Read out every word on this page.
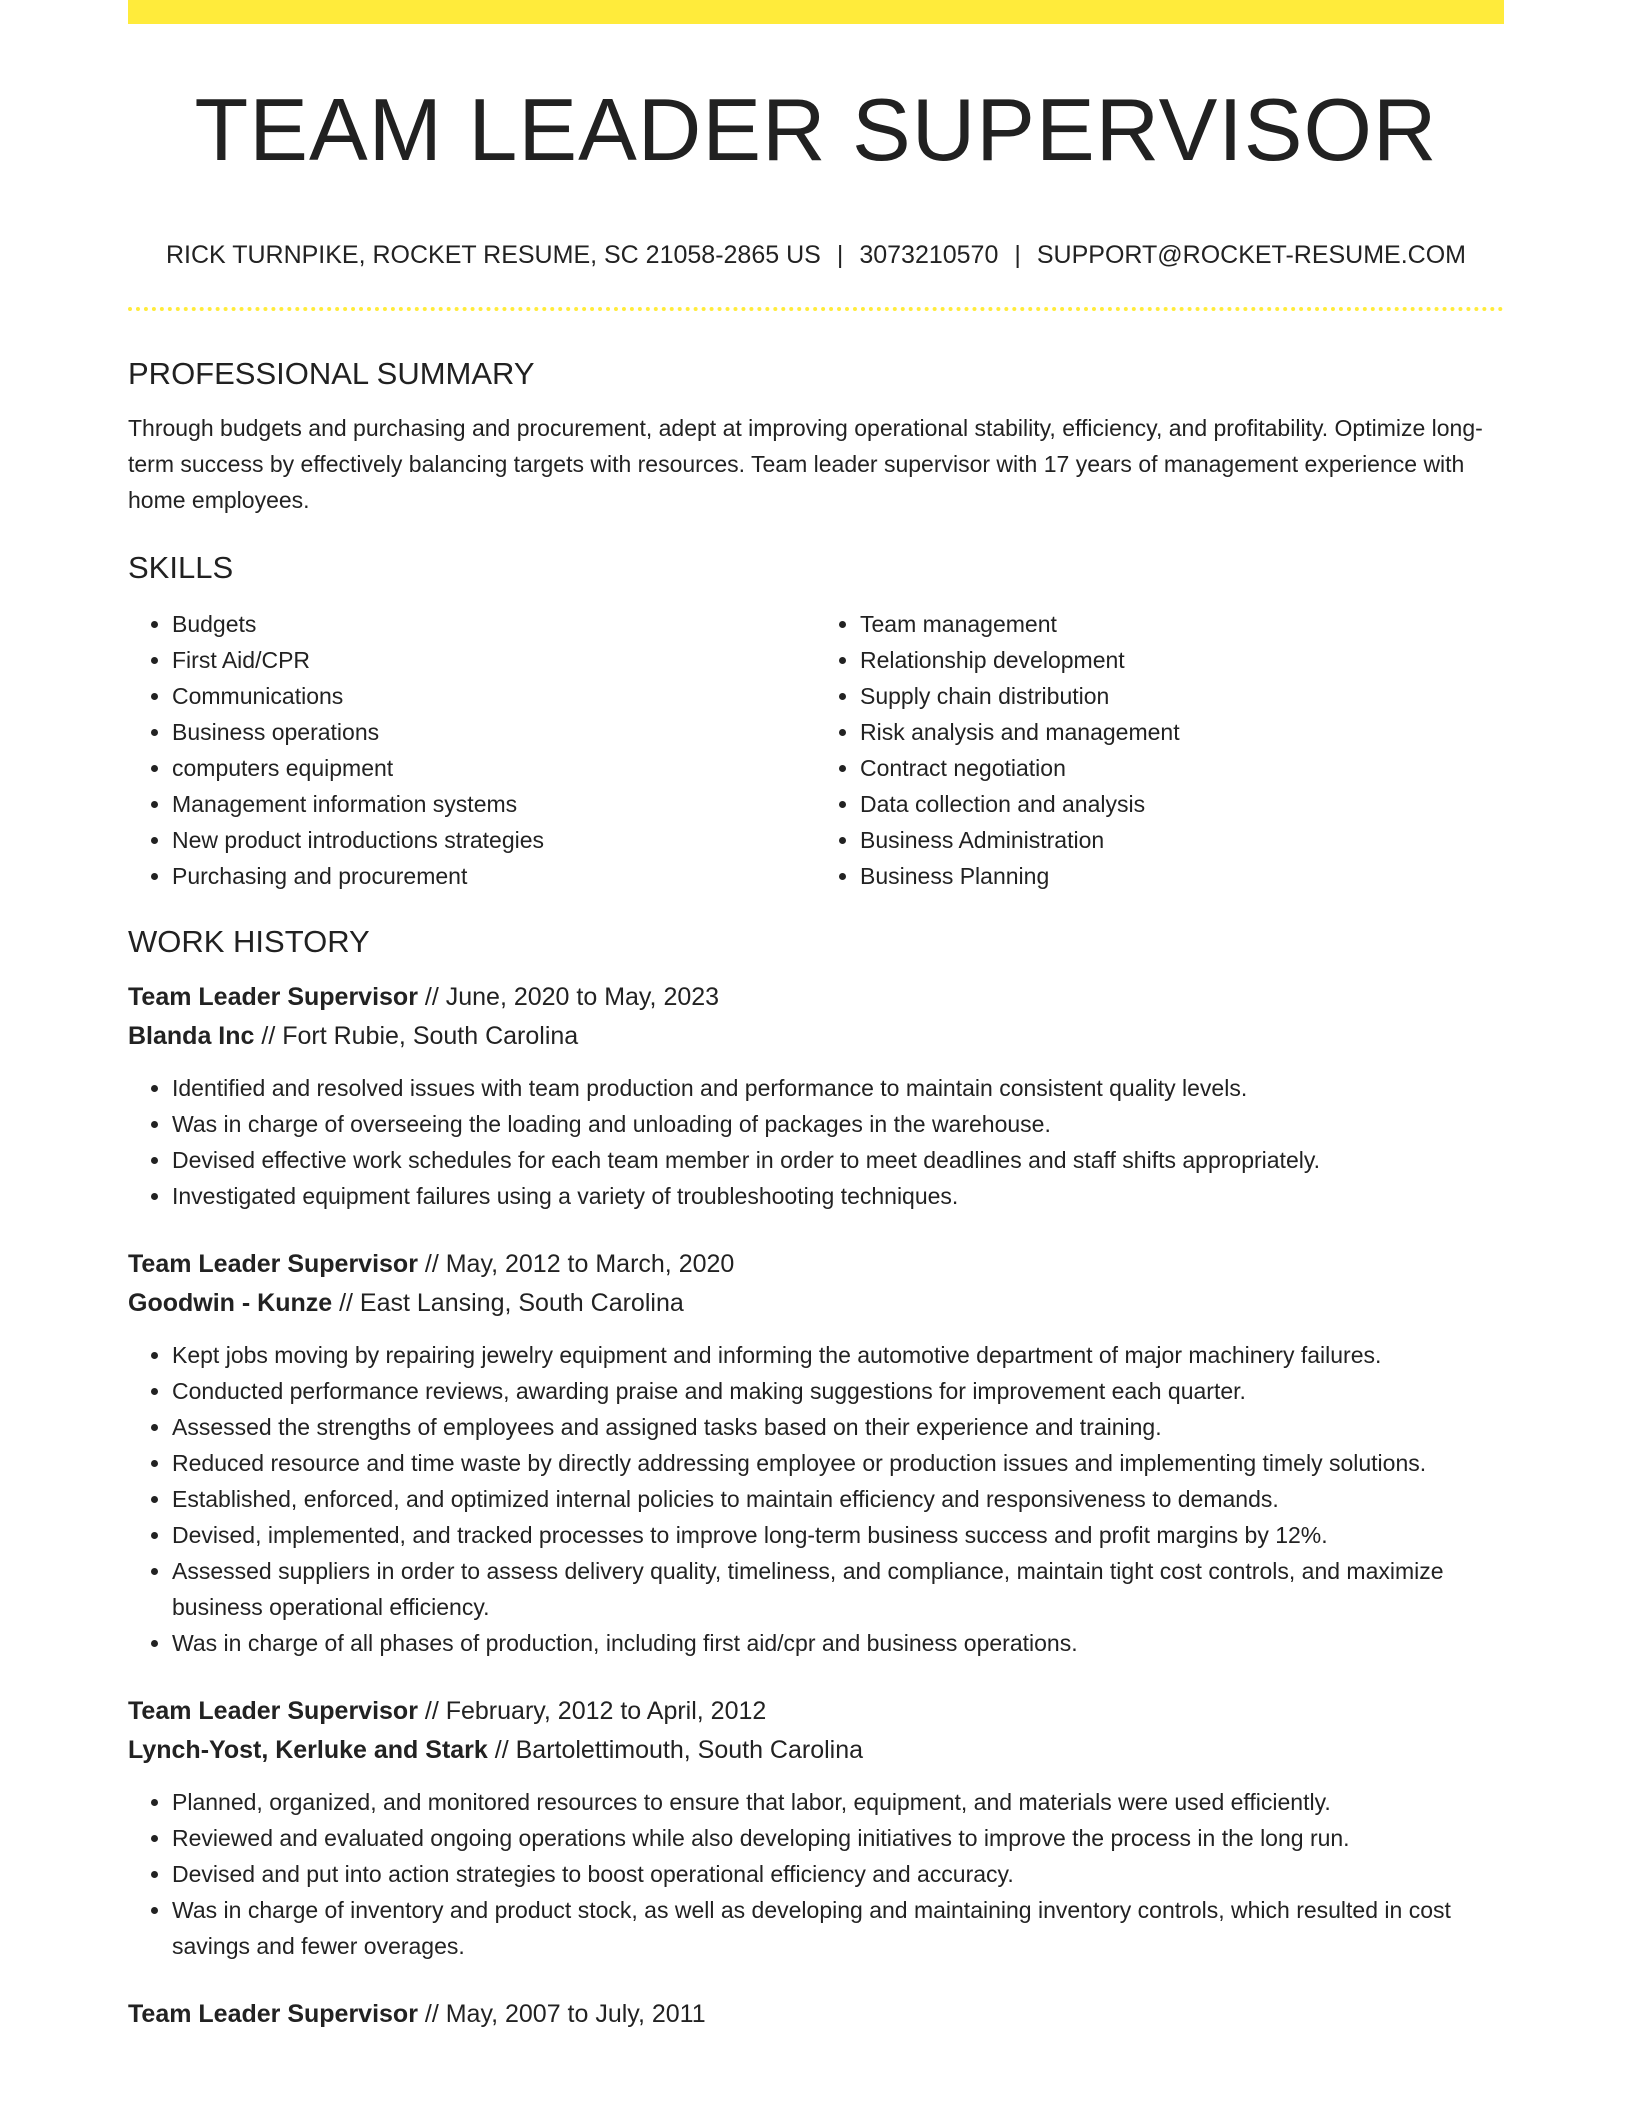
TEAM LEADER SUPERVISOR
RICK TURNPIKE, ROCKET RESUME, SC 21058-2865 US | 3073210570 | SUPPORT@ROCKET-RESUME.COM
PROFESSIONAL SUMMARY

Through budgets and purchasing and procurement, adept at improving operational stability, efficiency, and profitability. Optimize long-term success by effectively balancing targets with resources. Team leader supervisor with 17 years of management experience with home employees.

SKILLS
• Budgets
• First Aid/CPR
• Communications
• Business operations
• computers equipment
• Management information systems
• New product introductions strategies
• Purchasing and procurement
• Team management
• Relationship development
• Supply chain distribution
• Risk analysis and management
• Contract negotiation
• Data collection and analysis
• Business Administration
• Business Planning
WORK HISTORY
Team Leader Supervisor // June, 2020 to May, 2023
Blanda Inc // Fort Rubie, South Carolina
• Identified and resolved issues with team production and performance to maintain consistent quality levels.
• Was in charge of overseeing the loading and unloading of packages in the warehouse.
• Devised effective work schedules for each team member in order to meet deadlines and staff shifts appropriately.
• Investigated equipment failures using a variety of troubleshooting techniques.
Team Leader Supervisor // May, 2012 to March, 2020
Goodwin - Kunze // East Lansing, South Carolina
• Kept jobs moving by repairing jewelry equipment and informing the automotive department of major machinery failures.
• Conducted performance reviews, awarding praise and making suggestions for improvement each quarter.
• Assessed the strengths of employees and assigned tasks based on their experience and training.
• Reduced resource and time waste by directly addressing employee or production issues and implementing timely solutions.
• Established, enforced, and optimized internal policies to maintain efficiency and responsiveness to demands.
• Devised, implemented, and tracked processes to improve long-term business success and profit margins by 12%.
• Assessed suppliers in order to assess delivery quality, timeliness, and compliance, maintain tight cost controls, and maximize business operational efficiency.
• Was in charge of all phases of production, including first aid/cpr and business operations.
Team Leader Supervisor // February, 2012 to April, 2012
Lynch-Yost, Kerluke and Stark // Bartolettimouth, South Carolina
• Planned, organized, and monitored resources to ensure that labor, equipment, and materials were used efficiently.
• Reviewed and evaluated ongoing operations while also developing initiatives to improve the process in the long run.
• Devised and put into action strategies to boost operational efficiency and accuracy.
• Was in charge of inventory and product stock, as well as developing and maintaining inventory controls, which resulted in cost savings and fewer overages.
Team Leader Supervisor // May, 2007 to July, 2011
